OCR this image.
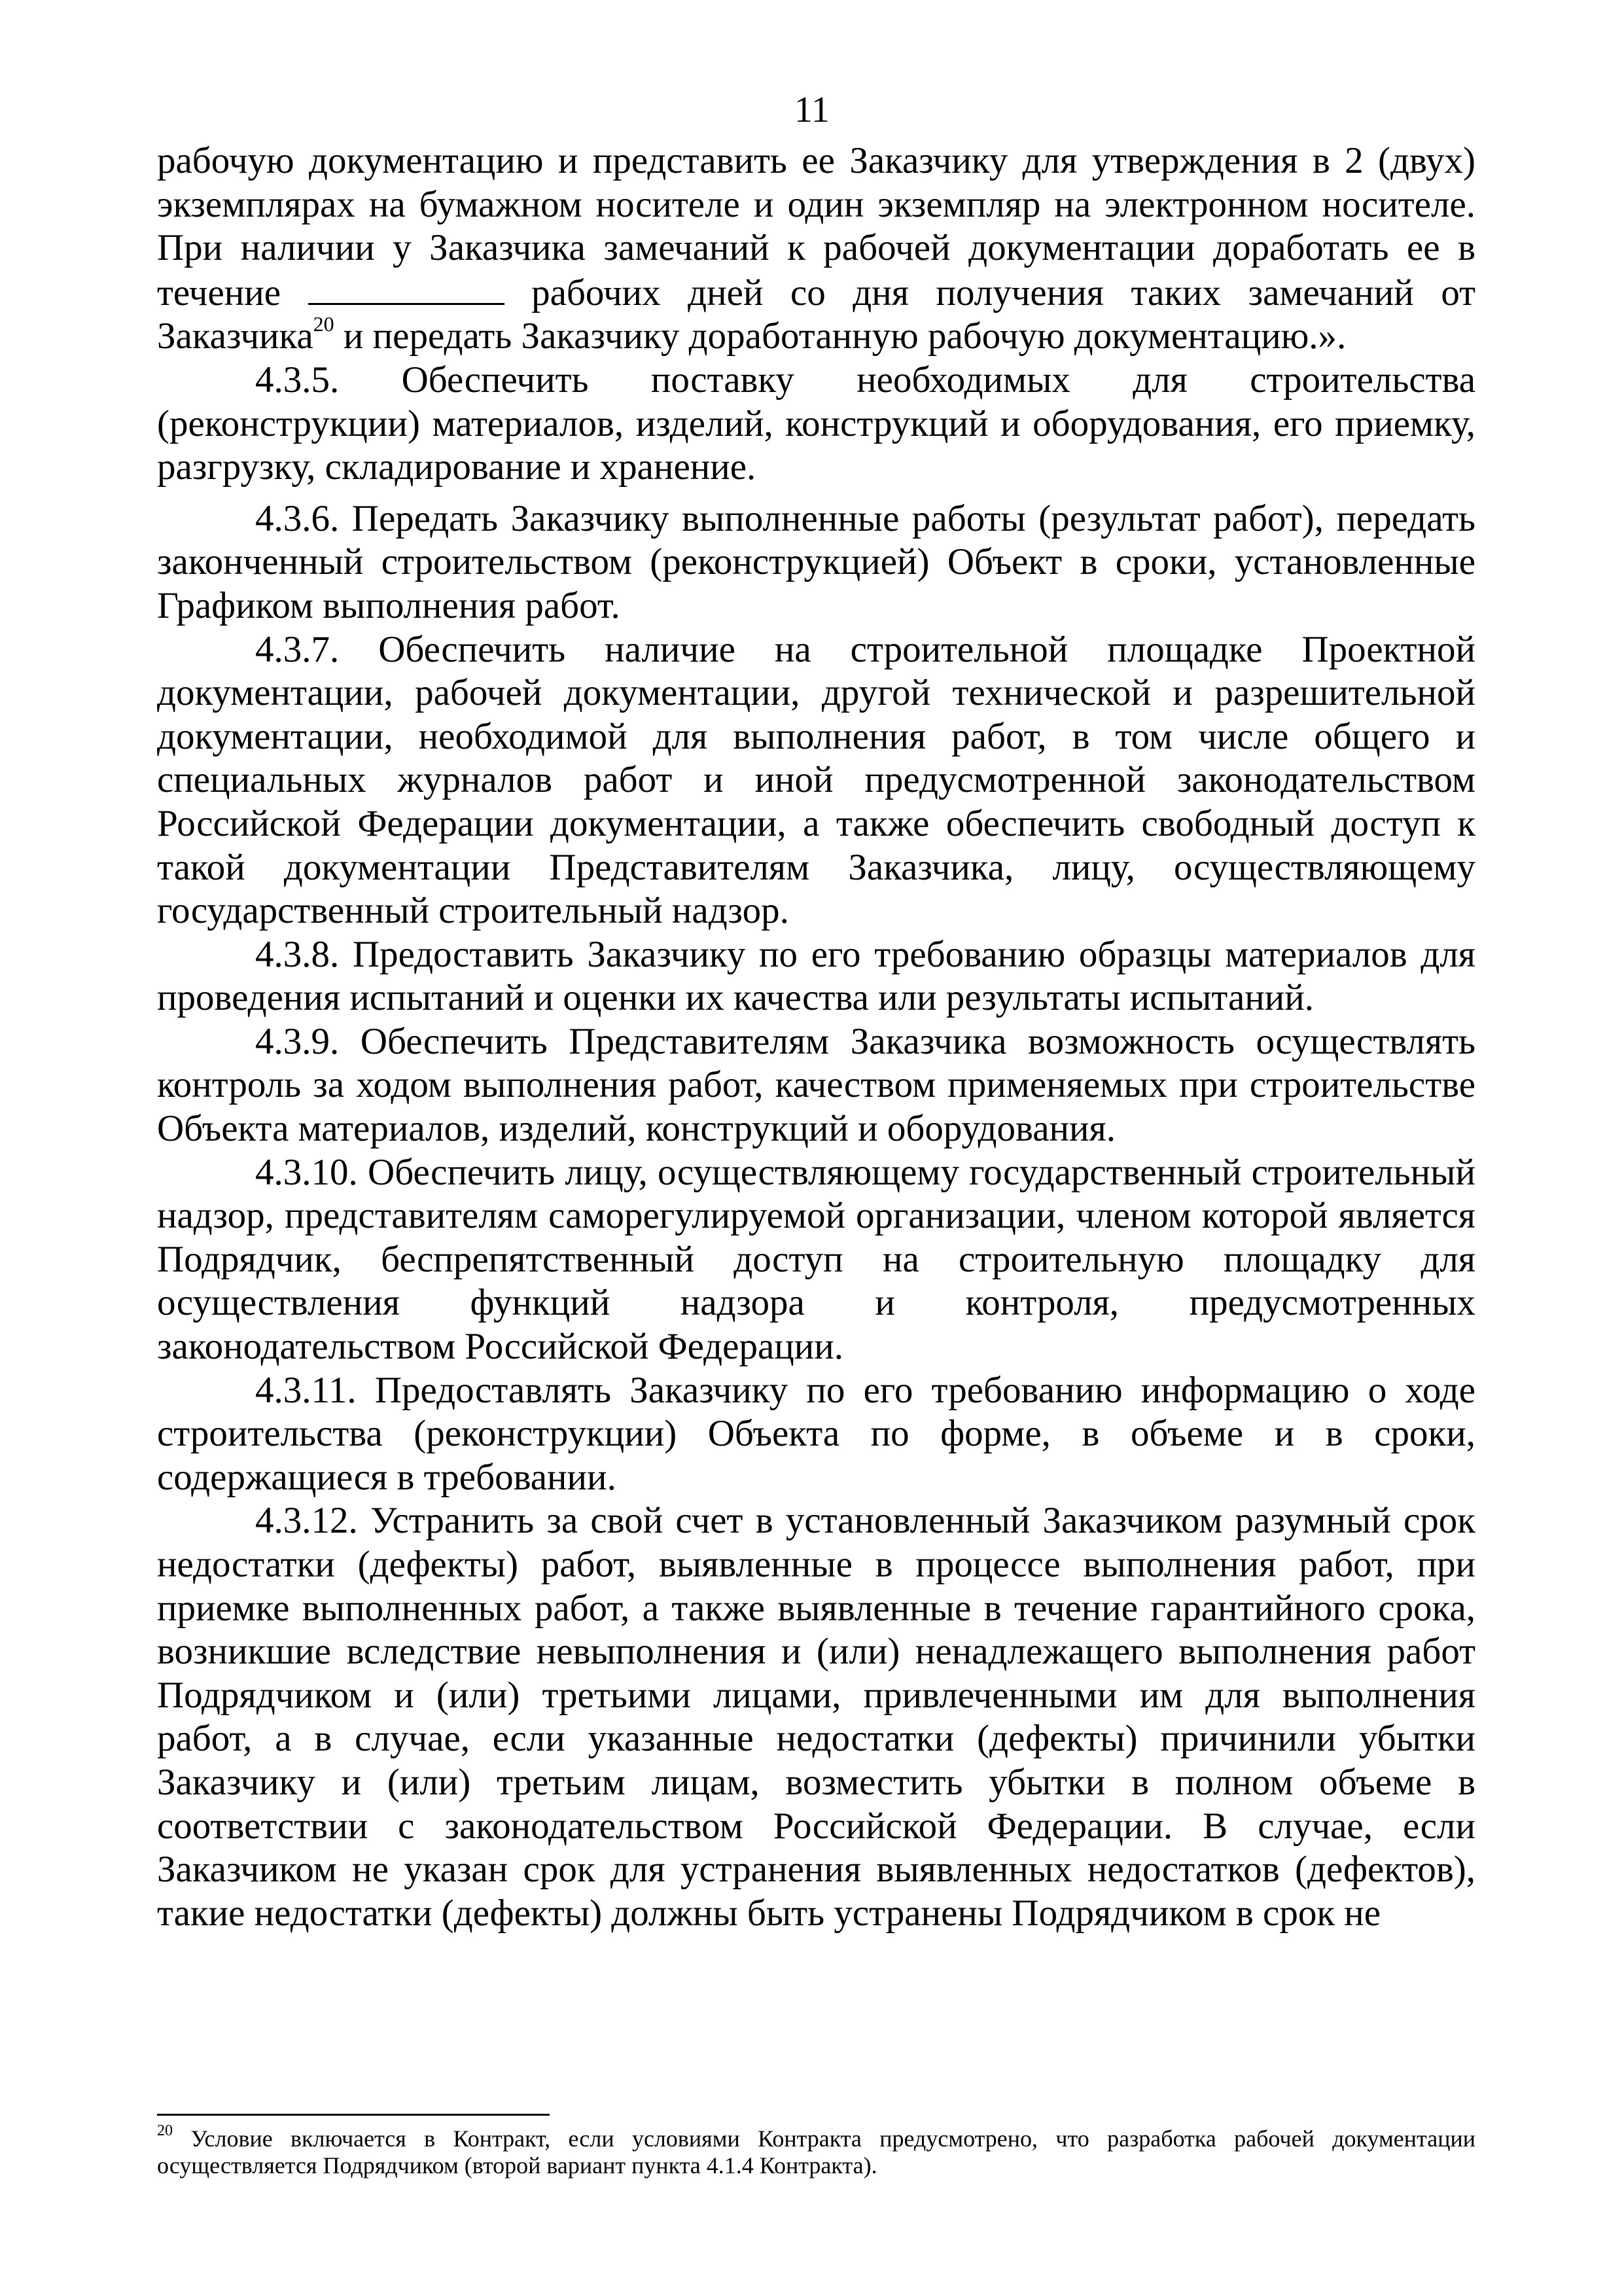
11

рабочую документацию и представить ее Заказчику для утверждения в 2 (двух) экземплярах на бумажном носителе и один экземпляр на электронном носителе. При наличии у Заказчика замечаний к рабочей документации доработать ее в течение	рабочих дней со дня получения таких замечаний от Заказчика$^{20}$ и передать Заказчику доработанную рабочую документацию.».

4.3.5. Обеспечить поставку необходимых для строительства (реконструкции) материалов, изделий, конструкций и оборудования, его приемку, разгрузку, складирование и хранение.

4.3.6. Передать Заказчику выполненные работы (результат работ), передать законченный строительством (реконструкцией) Объект в сроки, установленные Графиком выполнения работ.

4.3.7. Обеспечить наличие на строительной площадке Проектной документации, рабочей документации, другой технической и разрешительной документации, необходимой для выполнения работ, в том числе общего и специальных журналов работ и иной предусмотренной законодательством Российской Федерации документации, а также обеспечить свободный доступ к такой документации Представителям Заказчика, лицу, осуществляющему государственный строительный надзор.

4.3.8. Предоставить Заказчику по его требованию образцы материалов для проведения испытаний и оценки их качества или результаты испытаний.

4.3.9. Обеспечить Представителям Заказчика возможность осуществлять контроль за ходом выполнения работ, качеством применяемых при строительстве Объекта материалов, изделий, конструкций и оборудования.

4.3.10. Обеспечить лицу, осуществляющему государственный строительный надзор, представителям саморегулируемой организации, членом которой является Подрядчик, беспрепятственный доступ на строительную площадку для осуществления функций надзора и контроля, предусмотренных законодательством Российской Федерации.

4.3.11. Предоставлять Заказчику по его требованию информацию о ходе строительства (реконструкции) Объекта по форме, в объеме и в сроки, содержащиеся в требовании.

4.3.12. Устранить за свой счет в установленный Заказчиком разумный срок недостатки (дефекты) работ, выявленные в процессе выполнения работ, при приемке выполненных работ, а также выявленные в течение гарантийного срока, возникшие вследствие невыполнения и (или) ненадлежащего выполнения работ Подрядчиком и (или) третьими лицами, привлеченными им для выполнения работ, а в случае, если указанные недостатки (дефекты) причинили убытки Заказчику и (или) третьим лицам, возместить убытки в полном объеме в соответствии с законодательством Российской Федерации. В случае, если Заказчиком не указан срок для устранения выявленных недостатков (дефектов), такие недостатки (дефекты) должны быть устранены Подрядчиком в срок не

$^{20}$ Условие включается в Контракт, если условиями Контракта предусмотрено, что разработка рабочей документации осуществляется Подрядчиком (второй вариант пункта 4.1.4 Контракта).
